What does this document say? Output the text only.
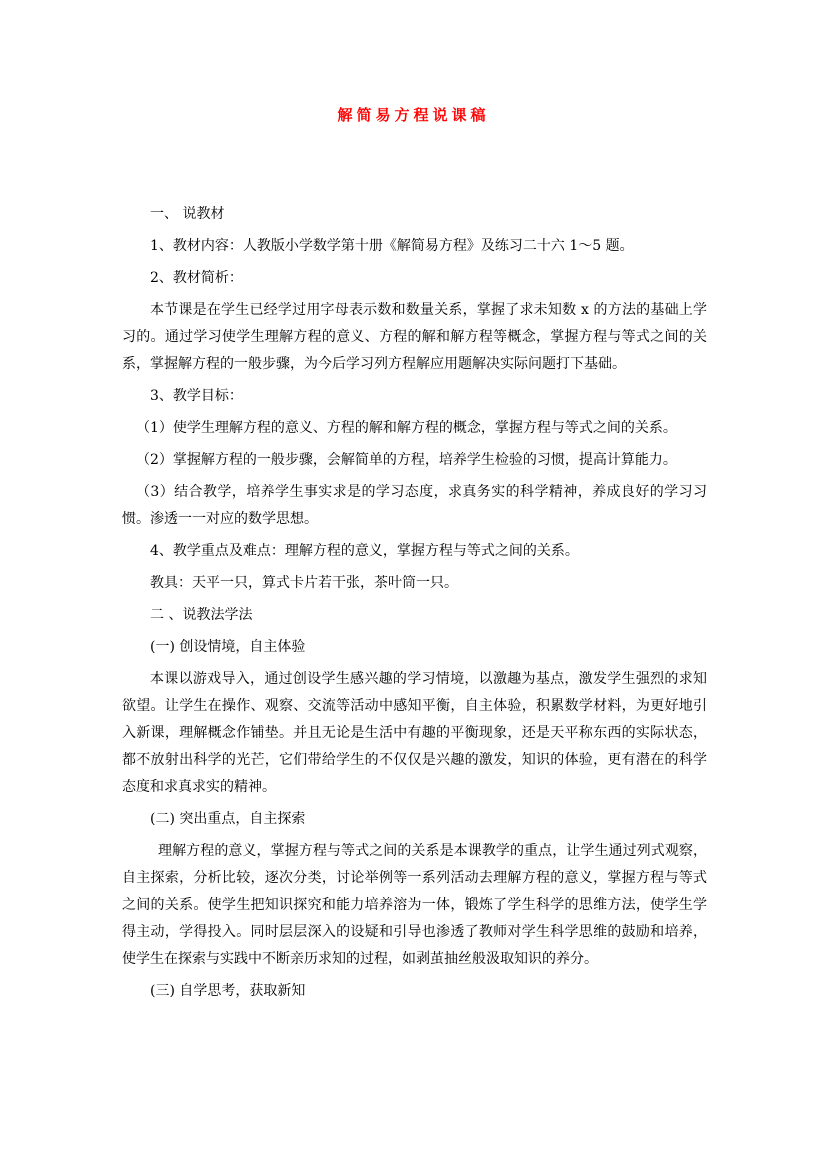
解简易方程说课稿

一、 说教材

1、教材内容：人教版小学数学第十册《解简易方程》及练习二十六 1～5 题。

2、教材简析：

本节课是在学生已经学过用字母表示数和数量关系，掌握了求未知数 x 的方法的基础上学习的。通过学习使学生理解方程的意义、方程的解和解方程等概念，掌握方程与等式之间的关系，掌握解方程的一般步骤，为今后学习列方程解应用题解决实际问题打下基础。

3、教学目标：

（1）使学生理解方程的意义、方程的解和解方程的概念，掌握方程与等式之间的关系。

（2）掌握解方程的一般步骤，会解简单的方程，培养学生检验的习惯，提高计算能力。

（3）结合教学，培养学生事实求是的学习态度，求真务实的科学精神，养成良好的学习习惯。渗透一一对应的数学思想。

4、教学重点及难点：理解方程的意义，掌握方程与等式之间的关系。

教具：天平一只，算式卡片若干张，茶叶筒一只。

二 、说教法学法

(一) 创设情境，自主体验

本课以游戏导入，通过创设学生感兴趣的学习情境，以激趣为基点，激发学生强烈的求知欲望。让学生在操作、观察、交流等活动中感知平衡，自主体验，积累数学材料，为更好地引入新课，理解概念作铺垫。并且无论是生活中有趣的平衡现象，还是天平称东西的实际状态，都不放射出科学的光芒，它们带给学生的不仅仅是兴趣的激发，知识的体验，更有潜在的科学态度和求真求实的精神。

(二) 突出重点，自主探索

理解方程的意义，掌握方程与等式之间的关系是本课教学的重点，让学生通过列式观察，自主探索，分析比较，逐次分类，讨论举例等一系列活动去理解方程的意义，掌握方程与等式之间的关系。使学生把知识探究和能力培养溶为一体，锻炼了学生科学的思维方法，使学生学得主动，学得投入。同时层层深入的设疑和引导也渗透了教师对学生科学思维的鼓励和培养，使学生在探索与实践中不断亲历求知的过程，如剥茧抽丝般汲取知识的养分。

(三) 自学思考，获取新知
